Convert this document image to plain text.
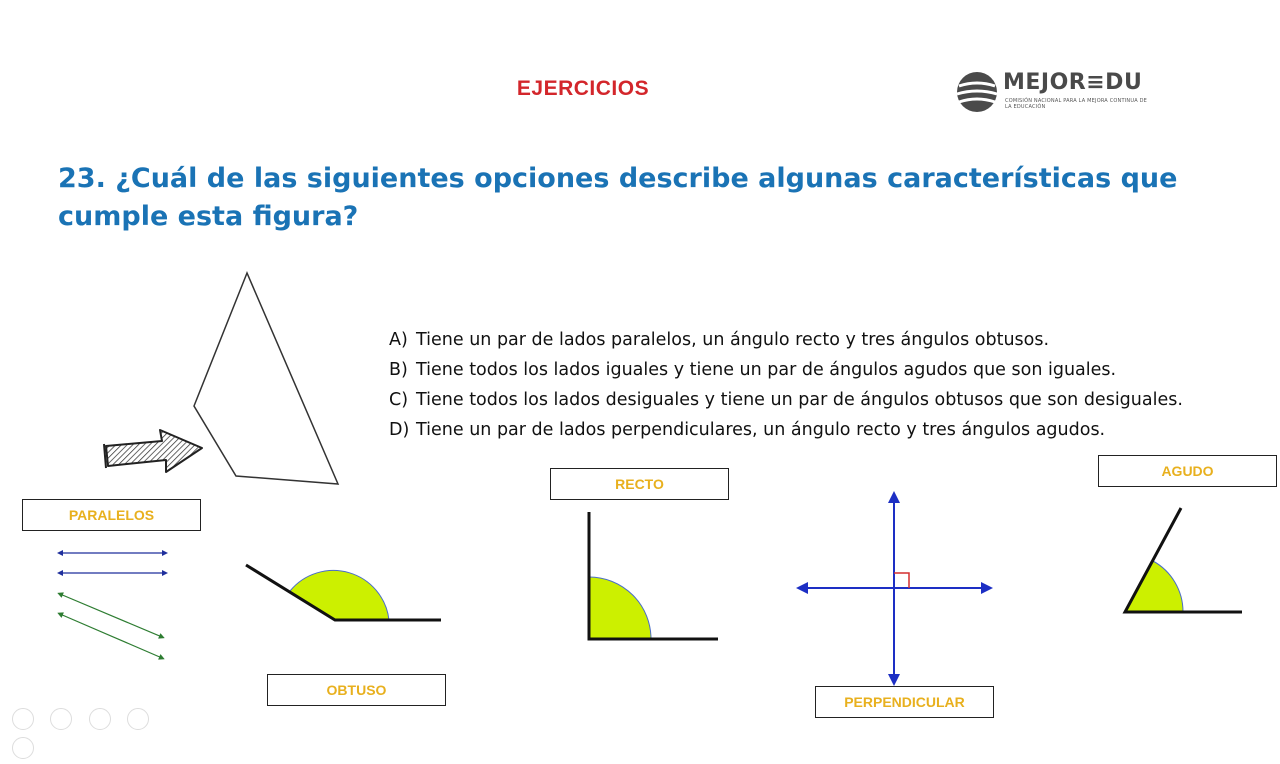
EJERCICIOS	MEJOR≡DU
COMISIÓN NACIONAL PARA LA MEJORA CONTINUA DE LA EDUCACIÓN
23. ¿Cuál de las siguientes opciones describe algunas características que cumple esta figura?
A) Tiene un par de lados paralelos, un ángulo recto y tres ángulos obtusos.
B) Tiene todos los lados iguales y tiene un par de ángulos agudos que son iguales.
C) Tiene todos los lados desiguales y tiene un par de ángulos obtusos que son desiguales.
D) Tiene un par de lados perpendiculares, un ángulo recto y tres ángulos agudos.
PARALELOS
RECTO
AGUDO
OBTUSO
PERPENDICULAR
